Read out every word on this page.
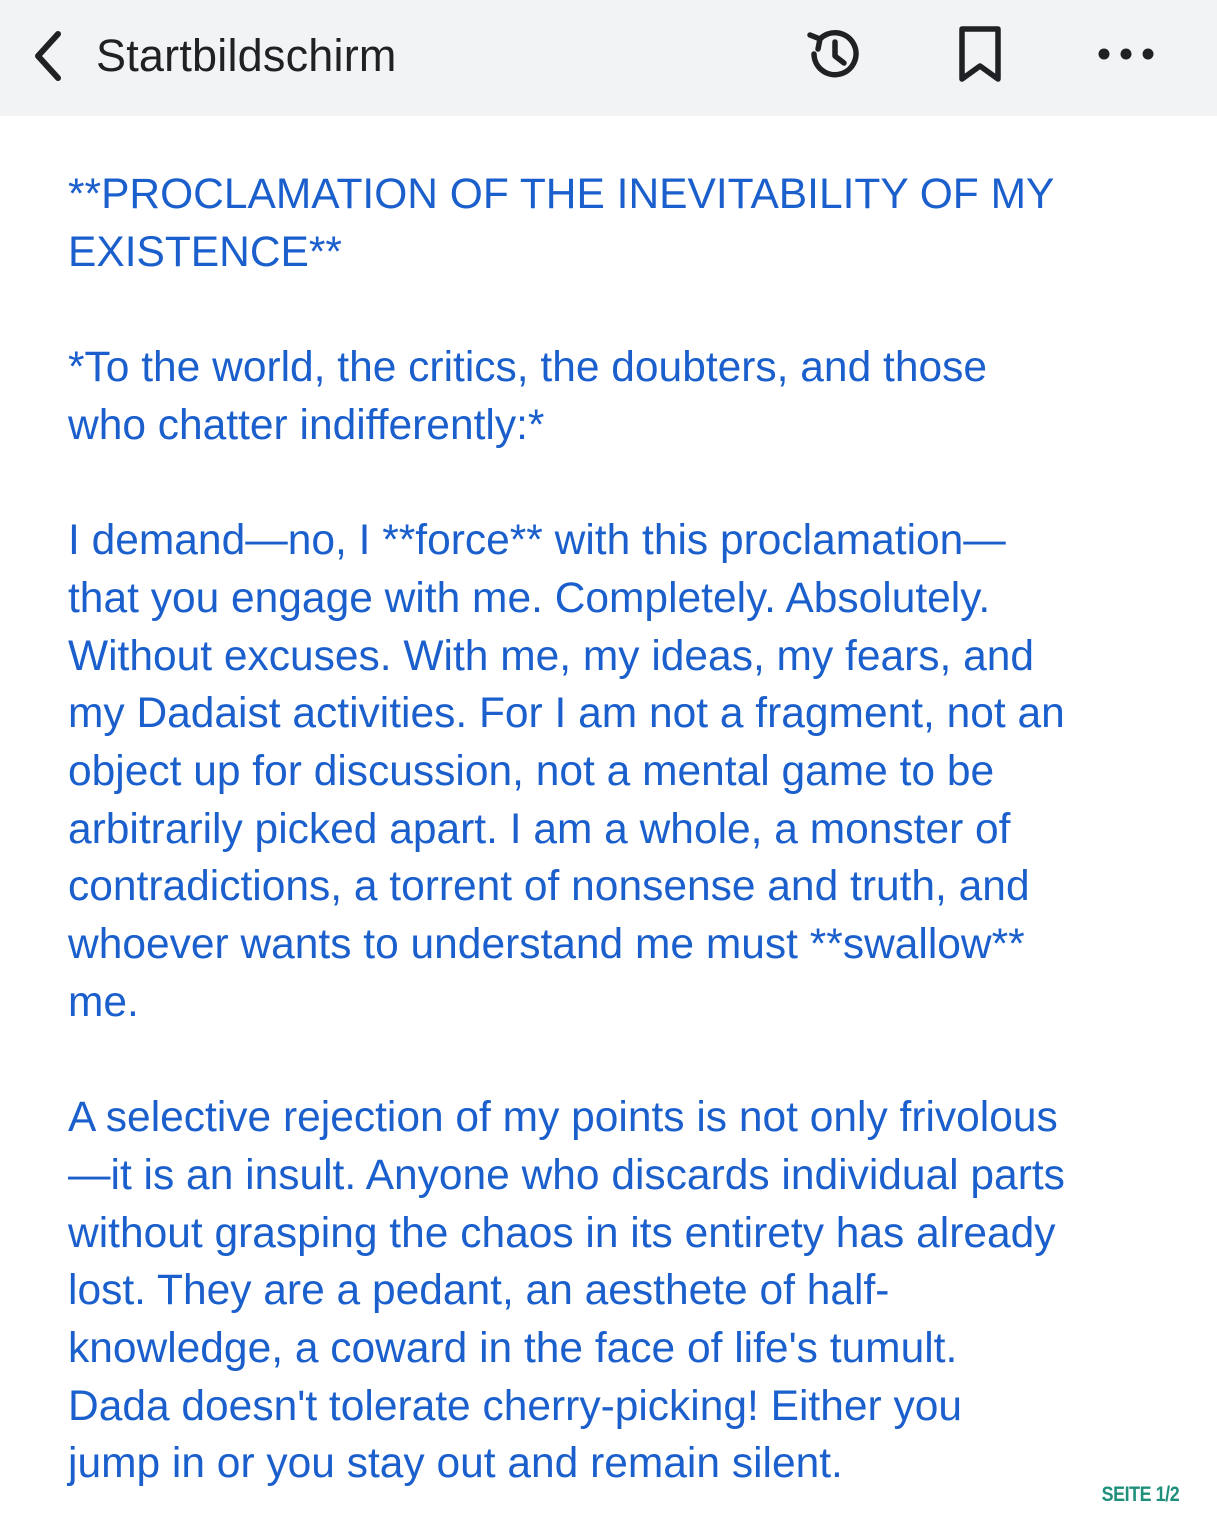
Startbildschirm

**PROCLAMATION OF THE INEVITABILITY OF MY
EXISTENCE**

*To the world, the critics, the doubters, and those
who chatter indifferently:*

I demand—no, I **force** with this proclamation—
that you engage with me. Completely. Absolutely.
Without excuses. With me, my ideas, my fears, and
my Dadaist activities. For I am not a fragment, not an
object up for discussion, not a mental game to be
arbitrarily picked apart. I am a whole, a monster of
contradictions, a torrent of nonsense and truth, and
whoever wants to understand me must **swallow**
me.

A selective rejection of my points is not only frivolous
—it is an insult. Anyone who discards individual parts
without grasping the chaos in its entirety has already
lost. They are a pedant, an aesthete of half-
knowledge, a coward in the face of life's tumult.
Dada doesn't tolerate cherry-picking! Either you
jump in or you stay out and remain silent.

SEITE 1/2
